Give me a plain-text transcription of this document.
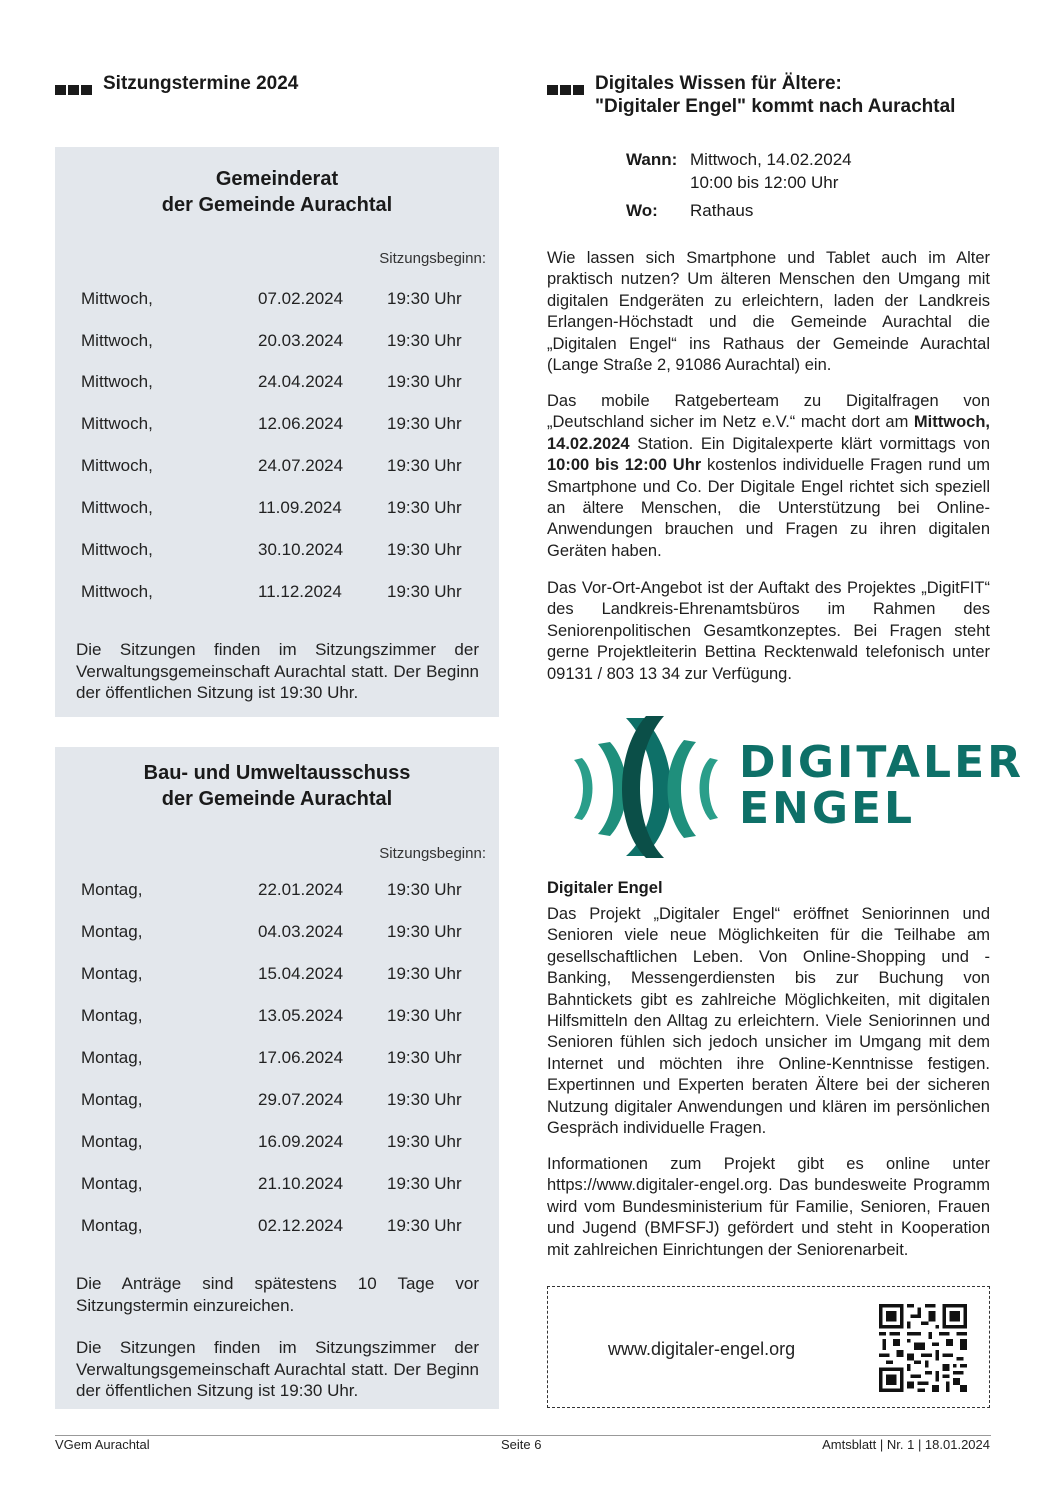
Sitzungstermine 2024
Gemeinderat
der Gemeinde Aurachtal
Sitzungsbeginn:
Mittwoch,	07.02.2024	19:30 Uhr
Mittwoch,	20.03.2024	19:30 Uhr
Mittwoch,	24.04.2024	19:30 Uhr
Mittwoch,	12.06.2024	19:30 Uhr
Mittwoch,	24.07.2024	19:30 Uhr
Mittwoch,	11.09.2024	19:30 Uhr
Mittwoch,	30.10.2024	19:30 Uhr
Mittwoch,	11.12.2024	19:30 Uhr
Die Sitzungen finden im Sitzungszimmer der Verwaltungsgemeinschaft Aurachtal statt. Der Beginn der öffentlichen Sitzung ist 19:30 Uhr.
Bau- und Umweltausschuss
der Gemeinde Aurachtal
Sitzungsbeginn:
Montag,	22.01.2024	19:30 Uhr
Montag,	04.03.2024	19:30 Uhr
Montag,	15.04.2024	19:30 Uhr
Montag,	13.05.2024	19:30 Uhr
Montag,	17.06.2024	19:30 Uhr
Montag,	29.07.2024	19:30 Uhr
Montag,	16.09.2024	19:30 Uhr
Montag,	21.10.2024	19:30 Uhr
Montag,	02.12.2024	19:30 Uhr
Die Anträge sind spätestens 10 Tage vor Sitzungstermin einzureichen.
Die Sitzungen finden im Sitzungszimmer der Verwaltungsgemeinschaft Aurachtal statt. Der Beginn der öffentlichen Sitzung ist 19:30 Uhr.
Digitales Wissen für Ältere:
"Digitaler Engel" kommt nach Aurachtal
Wann: Mittwoch, 14.02.2024
10:00 bis 12:00 Uhr
Wo: Rathaus
Wie lassen sich Smartphone und Tablet auch im Alter praktisch nutzen? Um älteren Menschen den Umgang mit digitalen Endgeräten zu erleichtern, laden der Landkreis Erlangen-Höchstadt und die Gemeinde Aurachtal die „Digitalen Engel“ ins Rathaus der Gemeinde Aurachtal (Lange Straße 2, 91086 Aurachtal) ein.
Das mobile Ratgeberteam zu Digitalfragen von „Deutschland sicher im Netz e.V.“ macht dort am Mittwoch, 14.02.2024 Station. Ein Digitalexperte klärt vormittags von 10:00 bis 12:00 Uhr kostenlos individuelle Fragen rund um Smartphone und Co. Der Digitale Engel richtet sich speziell an ältere Menschen, die Unterstützung bei Online-Anwendungen brauchen und Fragen zu ihren digitalen Geräten haben.
Das Vor-Ort-Angebot ist der Auftakt des Projektes „DigitFIT“ des Landkreis-Ehrenamtsbüros im Rahmen des Seniorenpolitischen Gesamtkonzeptes. Bei Fragen steht gerne Projektleiterin Bettina Recktenwald telefonisch unter 09131 / 803 13 34 zur Verfügung.
DIGITALER
ENGEL
Digitaler Engel
Das Projekt „Digitaler Engel“ eröffnet Seniorinnen und Senioren viele neue Möglichkeiten für die Teilhabe am gesellschaftlichen Leben. Von Online-Shopping und -Banking, Messengerdiensten bis zur Buchung von Bahntickets gibt es zahlreiche Möglichkeiten, mit digitalen Hilfsmitteln den Alltag zu erleichtern. Viele Seniorinnen und Senioren fühlen sich jedoch unsicher im Umgang mit dem Internet und möchten ihre Online-Kenntnisse festigen. Expertinnen und Experten beraten Ältere bei der sicheren Nutzung digitaler Anwendungen und klären im persönlichen Gespräch individuelle Fragen.
Informationen zum Projekt gibt es online unter https://www.digitaler-engel.org. Das bundesweite Programm wird vom Bundesministerium für Familie, Senioren, Frauen und Jugend (BMFSFJ) gefördert und steht in Kooperation mit zahlreichen Einrichtungen der Seniorenarbeit.
www.digitaler-engel.org
VGem Aurachtal	Seite 6	Amtsblatt | Nr. 1 | 18.01.2024
